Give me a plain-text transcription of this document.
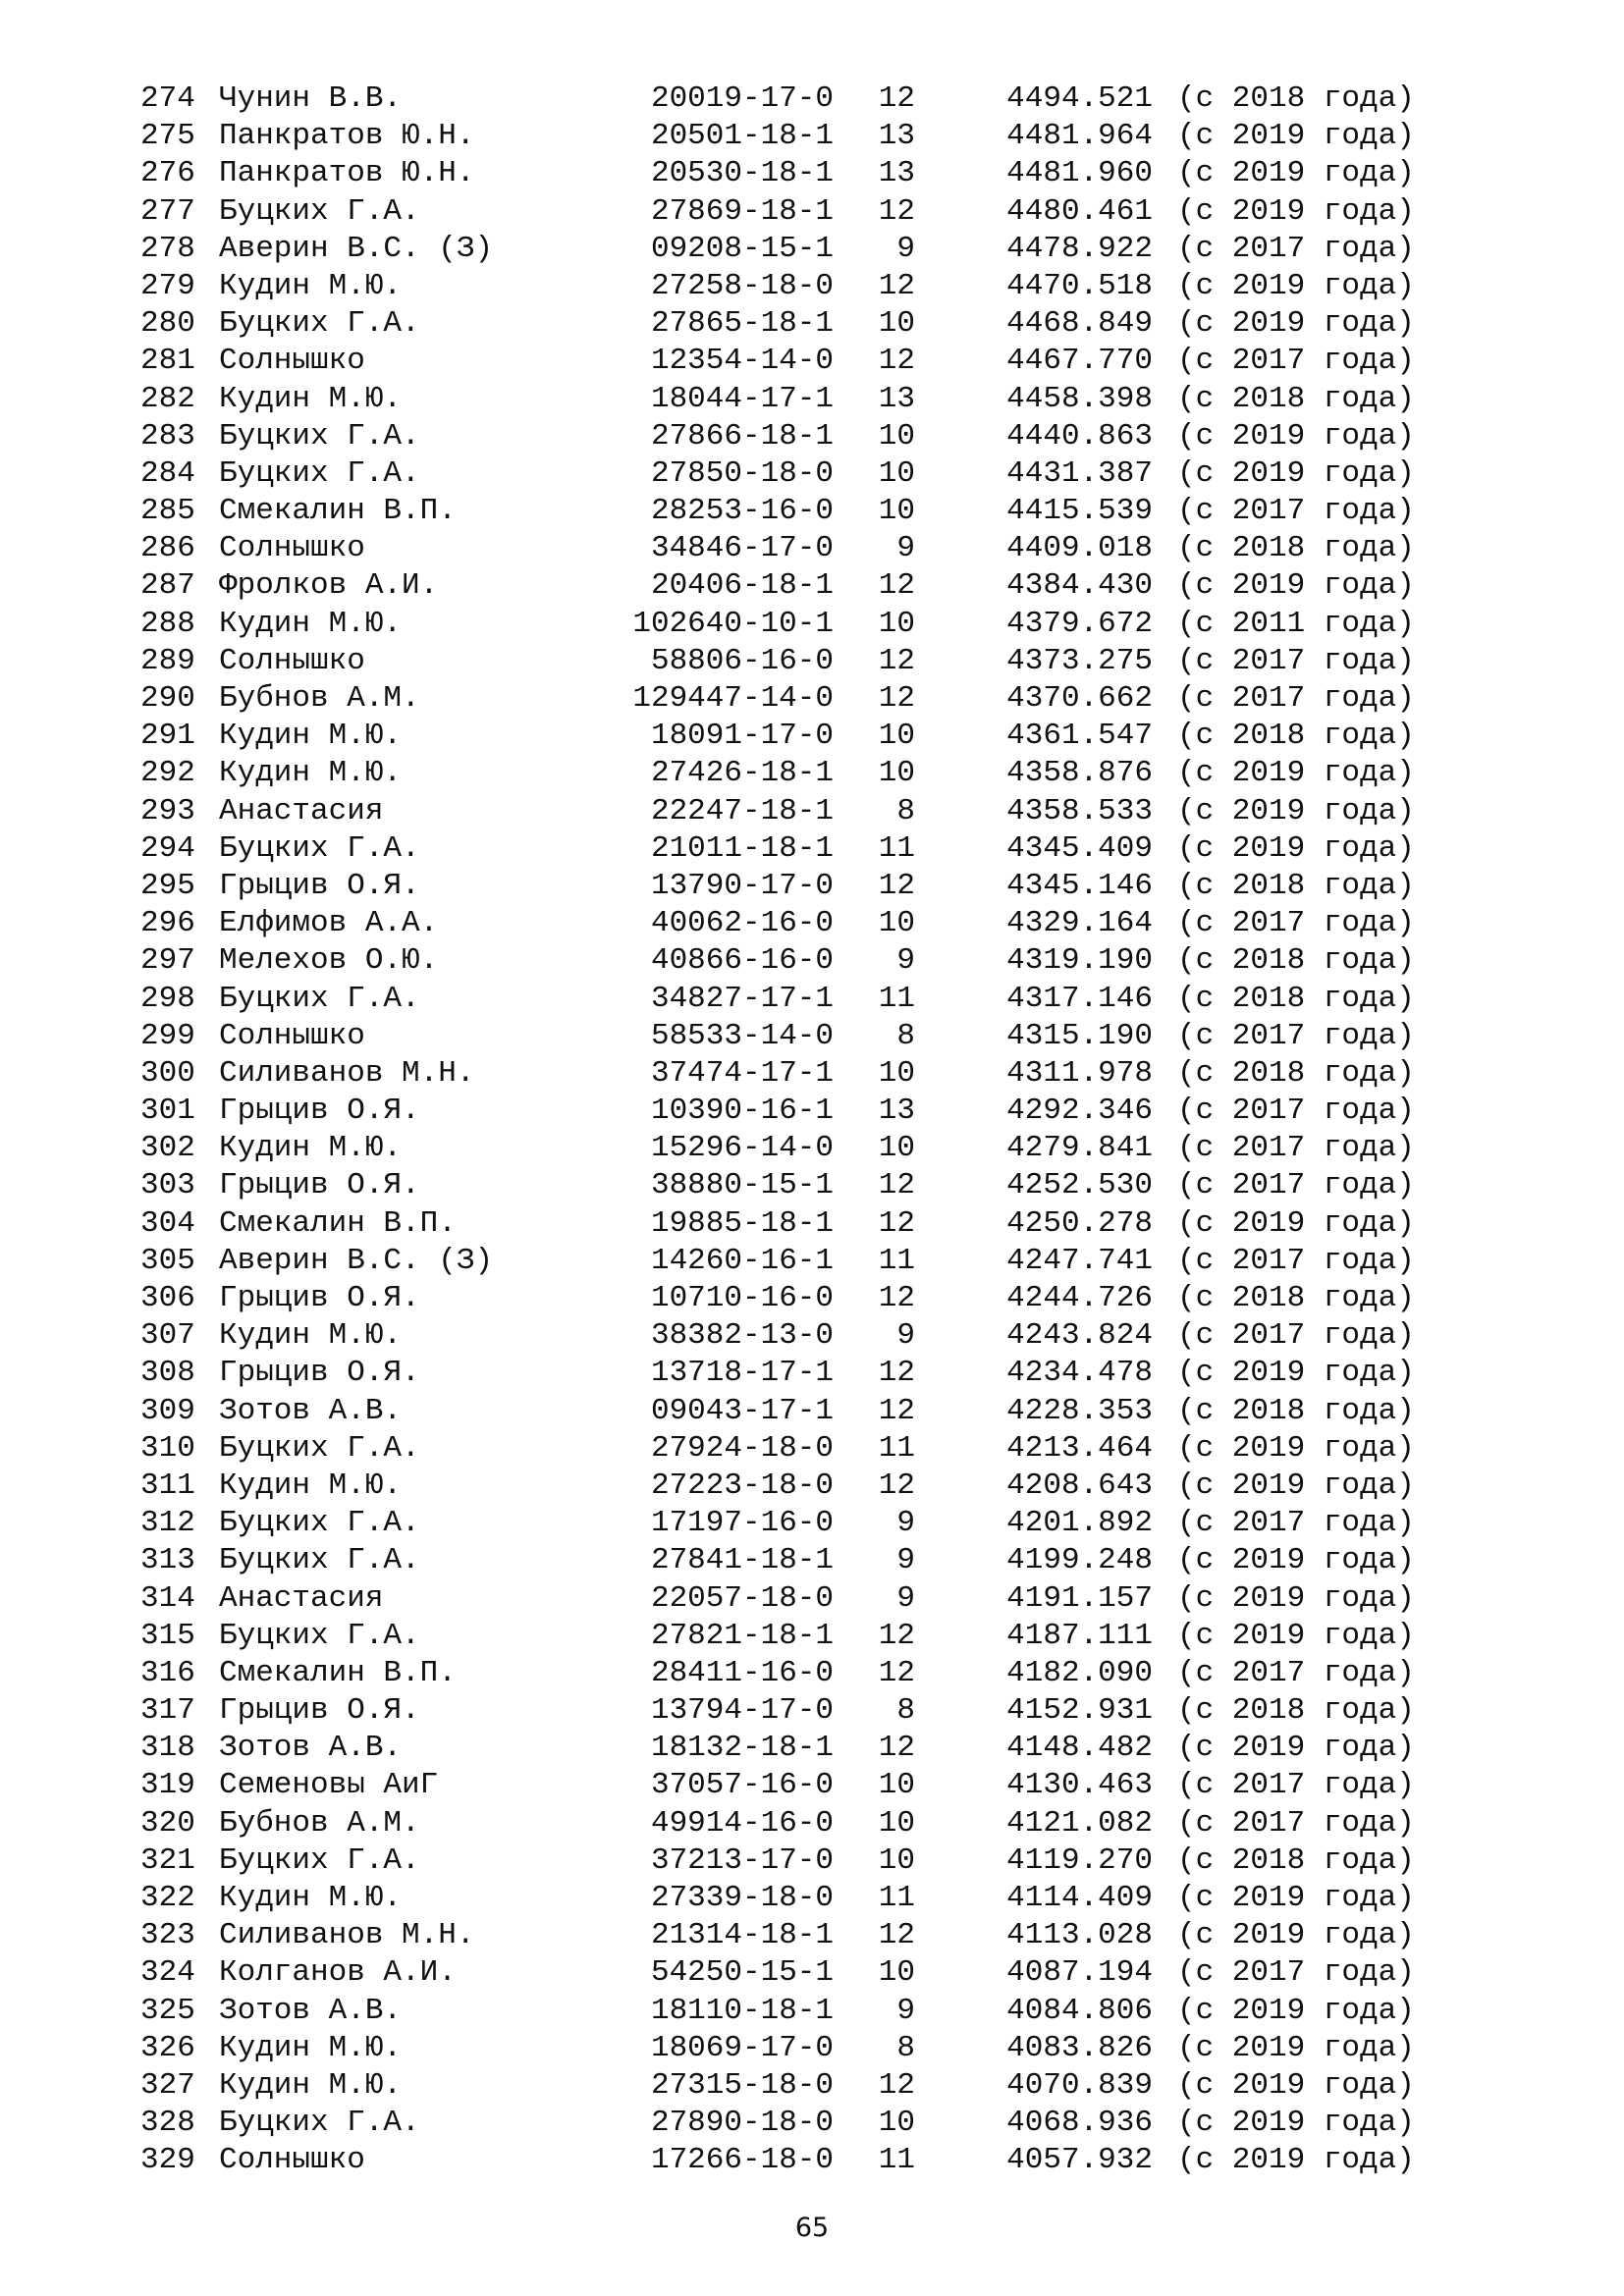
274 Чунин В.В.	20019-17-0 12	4494.521 (с 2018 года)
275 Панкратов Ю.Н.	20501-18-1 13	4481.964 (с 2019 года)
276 Панкратов Ю.Н.	20530-18-1 13	4481.960 (с 2019 года)
277 Буцких Г.А.	27869-18-1 12	4480.461 (с 2019 года)
278 Аверин В.С. (З)	09208-15-1 9	4478.922 (с 2017 года)
279 Кудин М.Ю.	27258-18-0 12	4470.518 (с 2019 года)
280 Буцких Г.А.	27865-18-1 10	4468.849 (с 2019 года)
281 Солнышко	12354-14-0 12	4467.770 (с 2017 года)
282 Кудин М.Ю.	18044-17-1 13	4458.398 (с 2018 года)
283 Буцких Г.А.	27866-18-1 10	4440.863 (с 2019 года)
284 Буцких Г.А.	27850-18-0 10	4431.387 (с 2019 года)
285 Смекалин В.П.	28253-16-0 10	4415.539 (с 2017 года)
286 Солнышко	34846-17-0 9	4409.018 (с 2018 года)
287 Фролков А.И.	20406-18-1 12	4384.430 (с 2019 года)
288 Кудин М.Ю.	102640-10-1 10	4379.672 (с 2011 года)
289 Солнышко	58806-16-0 12	4373.275 (с 2017 года)
290 Бубнов А.М.	129447-14-0 12	4370.662 (с 2017 года)
291 Кудин М.Ю.	18091-17-0 10	4361.547 (с 2018 года)
292 Кудин М.Ю.	27426-18-1 10	4358.876 (с 2019 года)
293 Анастасия	22247-18-1 8	4358.533 (с 2019 года)
294 Буцких Г.А.	21011-18-1 11	4345.409 (с 2019 года)
295 Грыцив О.Я.	13790-17-0 12	4345.146 (с 2018 года)
296 Елфимов А.А.	40062-16-0 10	4329.164 (с 2017 года)
297 Мелехов О.Ю.	40866-16-0 9	4319.190 (с 2018 года)
298 Буцких Г.А.	34827-17-1 11	4317.146 (с 2018 года)
299 Солнышко	58533-14-0 8	4315.190 (с 2017 года)
300 Силиванов М.Н.	37474-17-1 10	4311.978 (с 2018 года)
301 Грыцив О.Я.	10390-16-1 13	4292.346 (с 2017 года)
302 Кудин М.Ю.	15296-14-0 10	4279.841 (с 2017 года)
303 Грыцив О.Я.	38880-15-1 12	4252.530 (с 2017 года)
304 Смекалин В.П.	19885-18-1 12	4250.278 (с 2019 года)
305 Аверин В.С. (З)	14260-16-1 11	4247.741 (с 2017 года)
306 Грыцив О.Я.	10710-16-0 12	4244.726 (с 2018 года)
307 Кудин М.Ю.	38382-13-0 9	4243.824 (с 2017 года)
308 Грыцив О.Я.	13718-17-1 12	4234.478 (с 2019 года)
309 Зотов А.В.	09043-17-1 12	4228.353 (с 2018 года)
310 Буцких Г.А.	27924-18-0 11	4213.464 (с 2019 года)
311 Кудин М.Ю.	27223-18-0 12	4208.643 (с 2019 года)
312 Буцких Г.А.	17197-16-0 9	4201.892 (с 2017 года)
313 Буцких Г.А.	27841-18-1 9	4199.248 (с 2019 года)
314 Анастасия	22057-18-0 9	4191.157 (с 2019 года)
315 Буцких Г.А.	27821-18-1 12	4187.111 (с 2019 года)
316 Смекалин В.П.	28411-16-0 12	4182.090 (с 2017 года)
317 Грыцив О.Я.	13794-17-0 8	4152.931 (с 2018 года)
318 Зотов А.В.	18132-18-1 12	4148.482 (с 2019 года)
319 Семеновы АиГ	37057-16-0 10	4130.463 (с 2017 года)
320 Бубнов А.М.	49914-16-0 10	4121.082 (с 2017 года)
321 Буцких Г.А.	37213-17-0 10	4119.270 (с 2018 года)
322 Кудин М.Ю.	27339-18-0 11	4114.409 (с 2019 года)
323 Силиванов М.Н.	21314-18-1 12	4113.028 (с 2019 года)
324 Колганов А.И.	54250-15-1 10	4087.194 (с 2017 года)
325 Зотов А.В.	18110-18-1 9	4084.806 (с 2019 года)
326 Кудин М.Ю.	18069-17-0 8	4083.826 (с 2019 года)
327 Кудин М.Ю.	27315-18-0 12	4070.839 (с 2019 года)
328 Буцких Г.А.	27890-18-0 10	4068.936 (с 2019 года)
329 Солнышко	17266-18-0 11	4057.932 (с 2019 года)
65
